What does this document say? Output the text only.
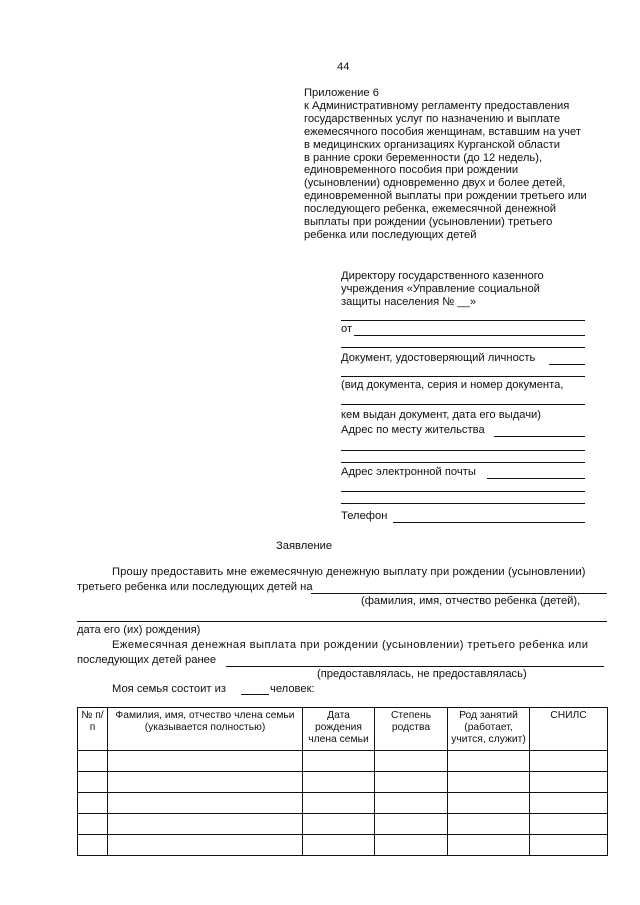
44
Приложение 6
к Административному регламенту предоставления
государственных услуг по назначению и выплате
ежемесячного пособия женщинам, вставшим на учет
в медицинских организациях Курганской области
в ранние сроки беременности (до 12 недель),
единовременного пособия при рождении
(усыновлении) одновременно двух и более детей,
единовременной выплаты при рождении третьего или
последующего ребенка, ежемесячной денежной
выплаты при рождении (усыновлении) третьего
ребенка или последующих детей
Директору государственного казенного
учреждения «Управление социальной
защиты населения № __»
от
Документ, удостоверяющий личность
(вид документа, серия и номер документа,
кем выдан документ, дата его выдачи)
Адрес по месту жительства
Адрес электронной почты
Телефон
Заявление
Прошу предоставить мне ежемесячную денежную выплату при рождении (усыновлении)
третьего ребенка или последующих детей на
(фамилия, имя, отчество ребенка (детей),
дата его (их) рождения)
Ежемесячная денежная выплата при рождении (усыновлении) третьего ребенка или
последующих детей ранее
(предоставлялась, не предоставлялась)
Моя семья состоит из	человек:
№ п/п	Фамилия, имя, отчество члена семьи (указывается полностью)	Дата рождения члена семьи	Степень родства	Род занятий (работает, учится, служит)	СНИЛС
